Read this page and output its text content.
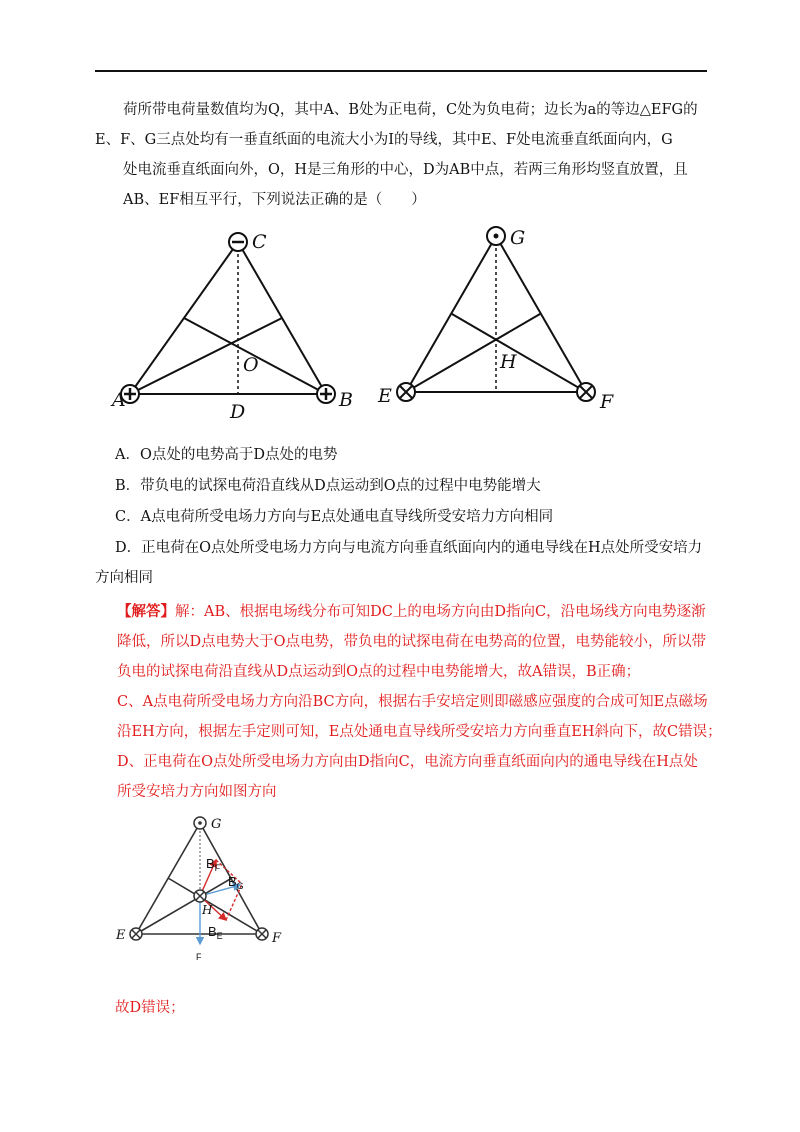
荷所带电荷量数值均为Q，其中A、B处为正电荷，C处为负电荷；边长为a的等边△EFG的
E、F、G三点处均有一垂直纸面的电流大小为I的导线，其中E、F处电流垂直纸面向内，G
处电流垂直纸面向外，O，H是三角形的中心，D为AB中点，若两三角形均竖直放置，且
AB、EF相互平行，下列说法正确的是（　　）
C
O
A	B
D
G
H
E	F
A．O点处的电势高于D点处的电势
B．带负电的试探电荷沿直线从D点运动到O点的过程中电势能增大
C．A点电荷所受电场力方向与E点处通电直导线所受安培力方向相同
D．正电荷在O点处所受电场力方向与电流方向垂直纸面向内的通电导线在H点处所受安培力
方向相同
【解答】解：AB、根据电场线分布可知DC上的电场方向由D指向C，沿电场线方向电势逐渐
降低，所以D点电势大于O点电势，带负电的试探电荷在电势高的位置，电势能较小，所以带
负电的试探电荷沿直线从D点运动到O点的过程中电势能增大，故A错误，B正确；
C、A点电荷所受电场力方向沿BC方向，根据右手安培定则即磁感应强度的合成可知E点磁场
沿EH方向，根据左手定则可知，E点处通电直导线所受安培力方向垂直EH斜向下，故C错误；
D、正电荷在O点处所受电场力方向由D指向C，电流方向垂直纸面向内的通电导线在H点处
所受安培力方向如图方向
G
E	F
H
$B_F$
$B_G$
$B_E$
F
故D错误；
